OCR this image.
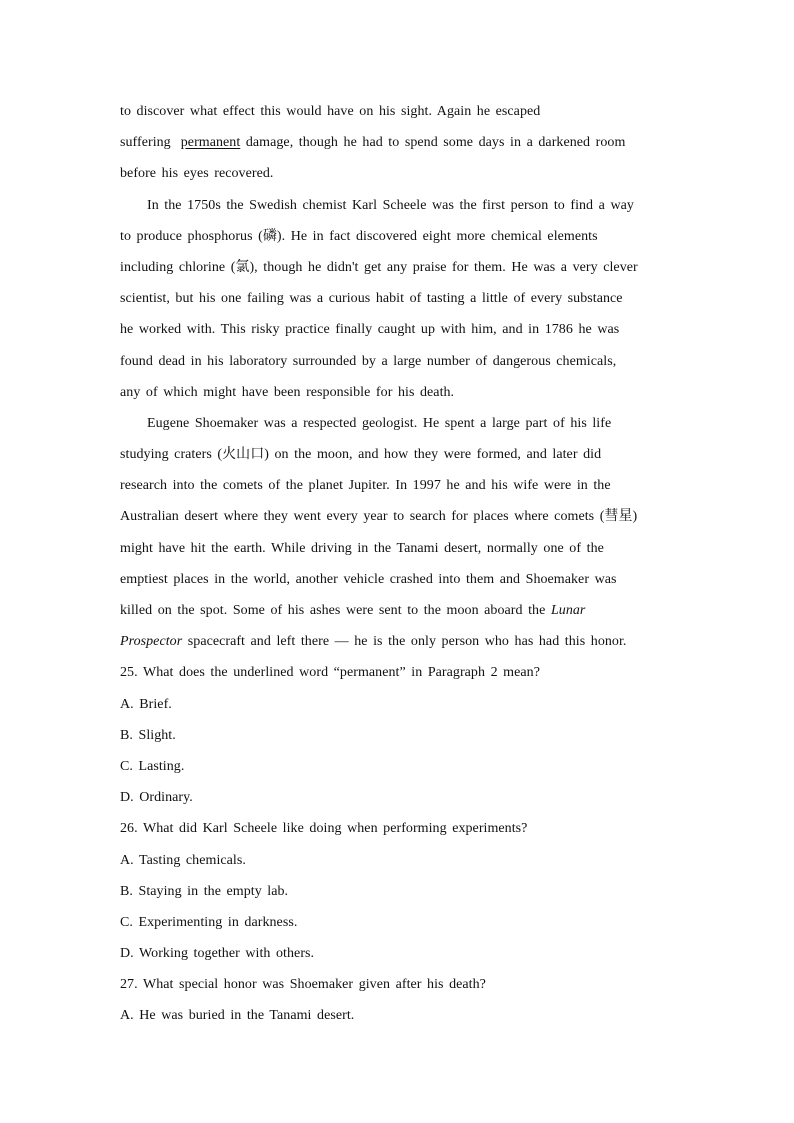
to discover what effect this would have on his sight. Again he escaped
suffering permanent damage, though he had to spend some days in a darkened room
before his eyes recovered.
In the 1750s the Swedish chemist Karl Scheele was the first person to find a way
to produce phosphorus (磷). He in fact discovered eight more chemical elements
including chlorine (氯), though he didn't get any praise for them. He was a very clever
scientist, but his one failing was a curious habit of tasting a little of every substance
he worked with. This risky practice finally caught up with him, and in 1786 he was
found dead in his laboratory surrounded by a large number of dangerous chemicals,
any of which might have been responsible for his death.
Eugene Shoemaker was a respected geologist. He spent a large part of his life
studying craters (火山口) on the moon, and how they were formed, and later did
research into the comets of the planet Jupiter. In 1997 he and his wife were in the
Australian desert where they went every year to search for places where comets (彗星)
might have hit the earth. While driving in the Tanami desert, normally one of the
emptiest places in the world, another vehicle crashed into them and Shoemaker was
killed on the spot. Some of his ashes were sent to the moon aboard the Lunar
Prospector spacecraft and left there — he is the only person who has had this honor.
25. What does the underlined word “permanent” in Paragraph 2 mean?
A. Brief.
B. Slight.
C. Lasting.
D. Ordinary.
26. What did Karl Scheele like doing when performing experiments?
A. Tasting chemicals.
B. Staying in the empty lab.
C. Experimenting in darkness.
D. Working together with others.
27. What special honor was Shoemaker given after his death?
A. He was buried in the Tanami desert.
